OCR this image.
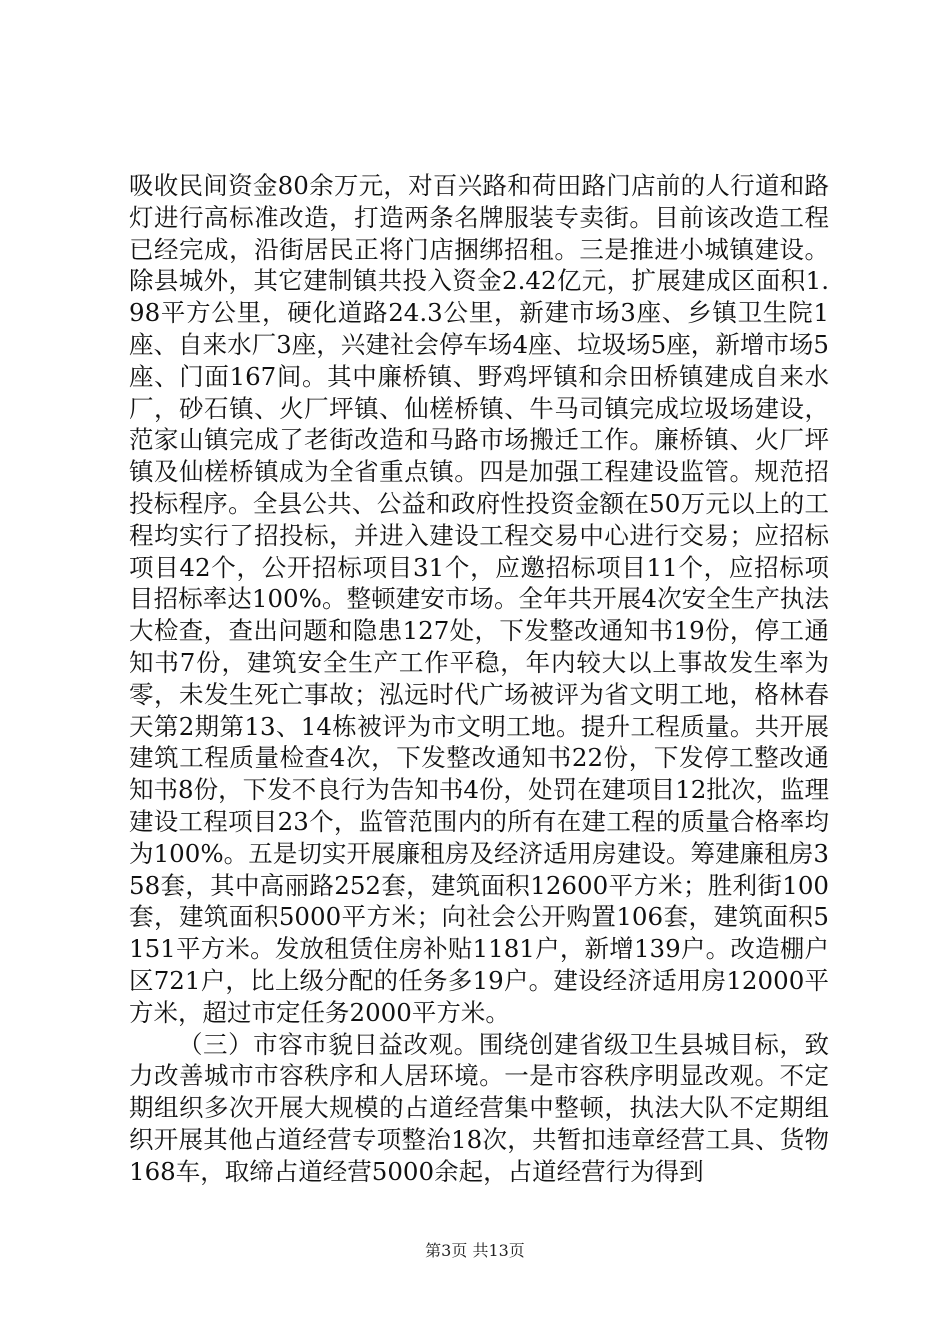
吸收民间资金80余万元，对百兴路和荷田路门店前的人行道和路灯进行高标准改造，打造两条名牌服装专卖街。目前该改造工程已经完成，沿街居民正将门店捆绑招租。三是推进小城镇建设。除县城外，其它建制镇共投入资金2.42亿元，扩展建成区面积1.98平方公里，硬化道路24.3公里，新建市场3座、乡镇卫生院1座、自来水厂3座，兴建社会停车场4座、垃圾场5座，新增市场5座、门面167间。其中廉桥镇、野鸡坪镇和佘田桥镇建成自来水厂，砂石镇、火厂坪镇、仙槎桥镇、牛马司镇完成垃圾场建设，范家山镇完成了老街改造和马路市场搬迁工作。廉桥镇、火厂坪镇及仙槎桥镇成为全省重点镇。四是加强工程建设监管。规范招投标程序。全县公共、公益和政府性投资金额在50万元以上的工程均实行了招投标，并进入建设工程交易中心进行交易；应招标项目42个，公开招标项目31个，应邀招标项目11个，应招标项目招标率达100%。整顿建安市场。全年共开展4次安全生产执法大检查，查出问题和隐患127处，下发整改通知书19份，停工通知书7份，建筑安全生产工作平稳，年内较大以上事故发生率为零，未发生死亡事故；泓远时代广场被评为省文明工地，格林春天第2期第13、14栋被评为市文明工地。提升工程质量。共开展建筑工程质量检查4次，下发整改通知书22份，下发停工整改通知书8份，下发不良行为告知书4份，处罚在建项目12批次，监理建设工程项目23个，监管范围内的所有在建工程的质量合格率均为100%。五是切实开展廉租房及经济适用房建设。筹建廉租房358套，其中高丽路252套，建筑面积12600平方米；胜利街100套，建筑面积5000平方米；向社会公开购置106套，建筑面积5151平方米。发放租赁住房补贴1181户，新增139户。改造棚户区721户，比上级分配的任务多19户。建设经济适用房12000平方米，超过市定任务2000平方米。

（三）市容市貌日益改观。围绕创建省级卫生县城目标，致力改善城市市容秩序和人居环境。一是市容秩序明显改观。不定期组织多次开展大规模的占道经营集中整顿，执法大队不定期组织开展其他占道经营专项整治18次，共暂扣违章经营工具、货物168车，取缔占道经营5000余起，占道经营行为得到

第3页 共13页
